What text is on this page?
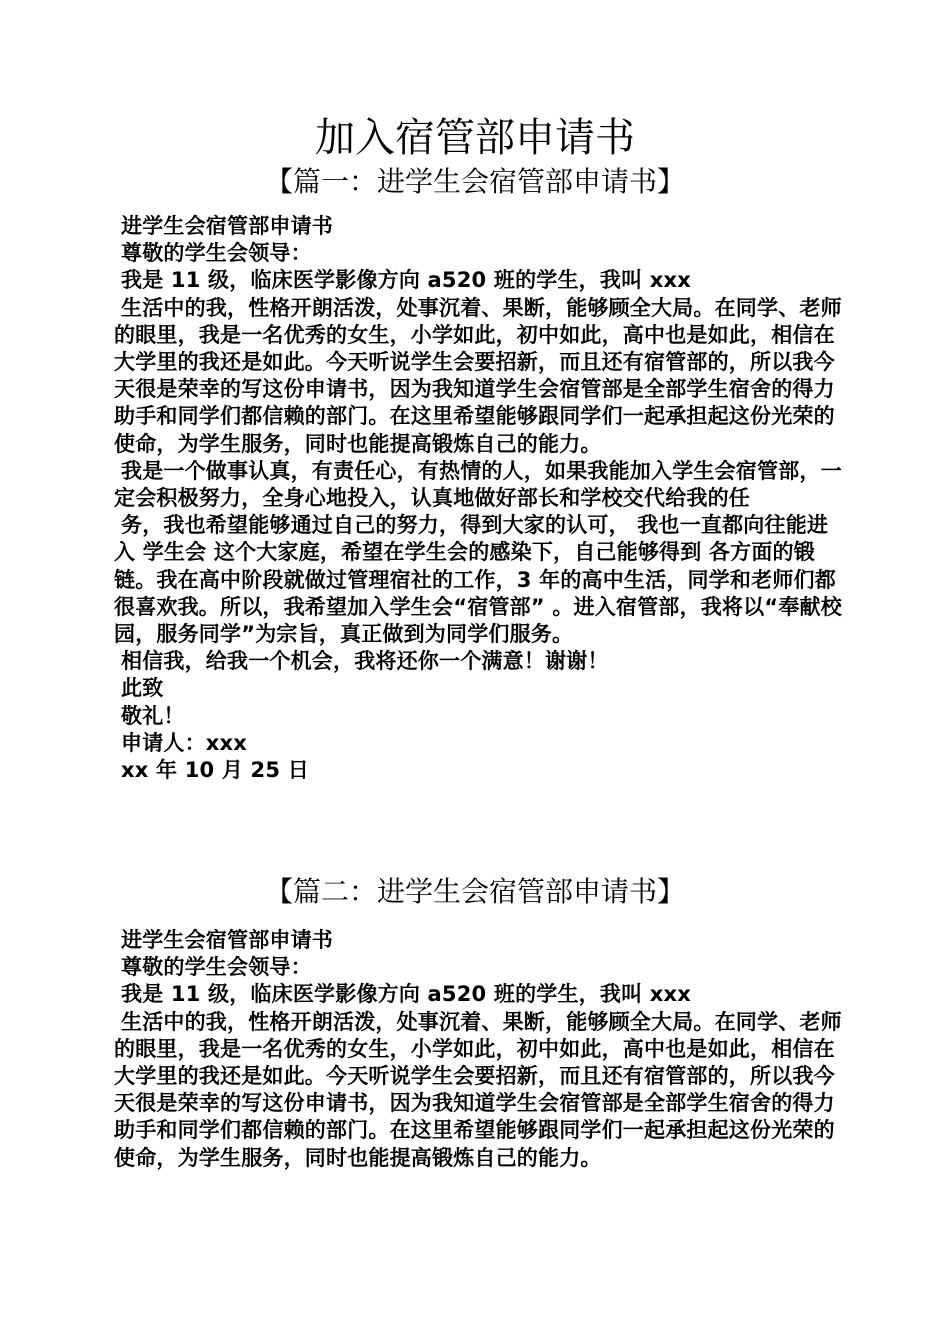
加入宿管部申请书
【篇一：进学生会宿管部申请书】
进学生会宿管部申请书
尊敬的学生会领导：
我是 11 级，临床医学影像方向 a520 班的学生，我叫 xxx
生活中的我，性格开朗活泼，处事沉着、果断，能够顾全大局。在同学、老师的眼里，我是一名优秀的女生，小学如此，初中如此，高中也是如此，相信在大学里的我还是如此。今天听说学生会要招新，而且还有宿管部的，所以我今天很是荣幸的写这份申请书，因为我知道学生会宿管部是全部学生宿舍的得力助手和同学们都信赖的部门。在这里希望能够跟同学们一起承担起这份光荣的使命，为学生服务，同时也能提高锻炼自己的能力。
我是一个做事认真，有责任心，有热情的人，如果我能加入学生会宿管部，一定会积极努力，全身心地投入，认真地做好部长和学校交代给我的任
务，我也希望能够通过自己的努力，得到大家的认可， 我也一直都向往能进入 学生会 这个大家庭，希望在学生会的感染下，自己能够得到 各方面的锻链。我在高中阶段就做过管理宿社的工作，3 年的高中生活，同学和老师们都很喜欢我。所以，我希望加入学生会“宿管部” 。进入宿管部，我将以“奉献校园，服务同学”为宗旨，真正做到为同学们服务。
相信我，给我一个机会，我将还你一个满意！谢谢！
此致
敬礼！
申请人：xxx
xx 年 10 月 25 日
【篇二：进学生会宿管部申请书】
进学生会宿管部申请书
尊敬的学生会领导：
我是 11 级，临床医学影像方向 a520 班的学生，我叫 xxx
生活中的我，性格开朗活泼，处事沉着、果断，能够顾全大局。在同学、老师的眼里，我是一名优秀的女生，小学如此，初中如此，高中也是如此，相信在大学里的我还是如此。今天听说学生会要招新，而且还有宿管部的，所以我今天很是荣幸的写这份申请书，因为我知道学生会宿管部是全部学生宿舍的得力助手和同学们都信赖的部门。在这里希望能够跟同学们一起承担起这份光荣的使命，为学生服务，同时也能提高锻炼自己的能力。
